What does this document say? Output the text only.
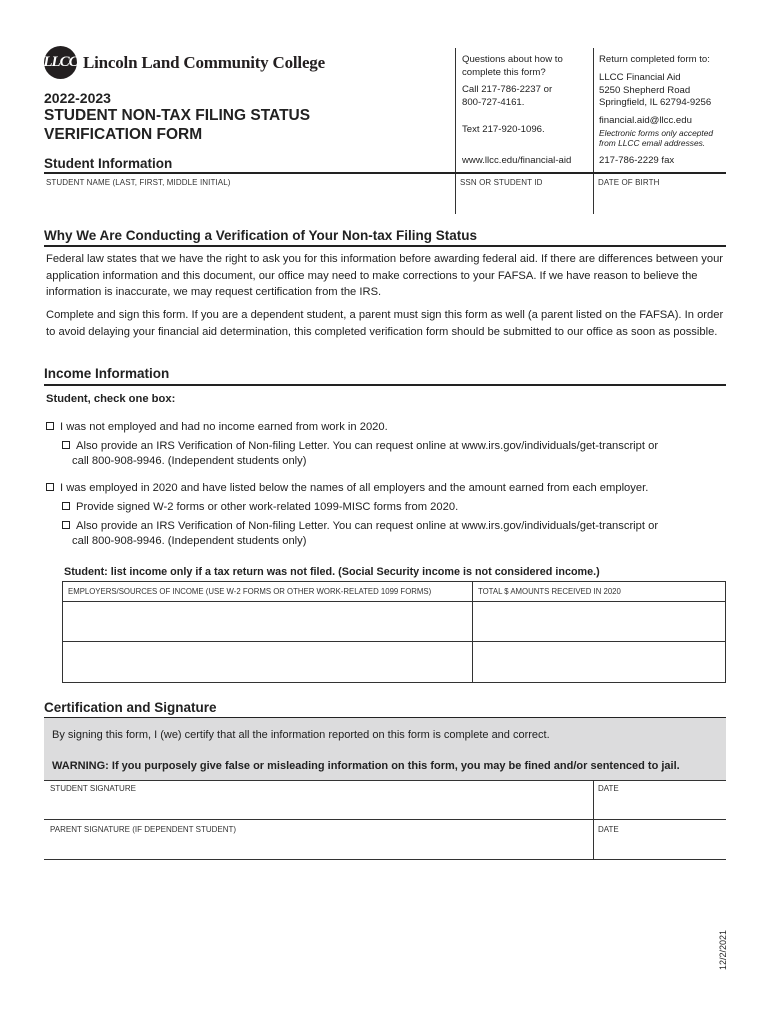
LLCC Lincoln Land Community College
2022-2023
STUDENT NON-TAX FILING STATUS
VERIFICATION FORM
Questions about how to
complete this form?
Call 217-786-2237 or
800-727-4161.
Text 217-920-1096.
www.llcc.edu/financial-aid
Return completed form to:
LLCC Financial Aid
5250 Shepherd Road
Springfield, IL 62794-9256
financial.aid@llcc.edu
Electronic forms only accepted
from LLCC email addresses.
217-786-2229 fax
Student Information
STUDENT NAME (LAST, FIRST, MIDDLE INITIAL)	SSN OR STUDENT ID	DATE OF BIRTH
Why We Are Conducting a Verification of Your Non-tax Filing Status
Federal law states that we have the right to ask you for this information before awarding federal aid. If there are differences between your application information and this document, our office may need to make corrections to your FAFSA. If we have reason to believe the information is inaccurate, we may request certification from the IRS.
Complete and sign this form. If you are a dependent student, a parent must sign this form as well (a parent listed on the FAFSA). In order to avoid delaying your financial aid determination, this completed verification form should be submitted to our office as soon as possible.
Income Information
Student, check one box:
I was not employed and had no income earned from work in 2020.
Also provide an IRS Verification of Non-filing Letter. You can request online at www.irs.gov/individuals/get-transcript or
call 800-908-9946. (Independent students only)
I was employed in 2020 and have listed below the names of all employers and the amount earned from each employer.
Provide signed W-2 forms or other work-related 1099-MISC forms from 2020.
Also provide an IRS Verification of Non-filing Letter. You can request online at www.irs.gov/individuals/get-transcript or
call 800-908-9946. (Independent students only)
Student: list income only if a tax return was not filed. (Social Security income is not considered income.)
EMPLOYERS/SOURCES OF INCOME (USE W-2 FORMS OR OTHER WORK-RELATED 1099 FORMS)	TOTAL $ AMOUNTS RECEIVED IN 2020

Certification and Signature
By signing this form, I (we) certify that all the information reported on this form is complete and correct.
WARNING: If you purposely give false or misleading information on this form, you may be fined and/or sentenced to jail.
STUDENT SIGNATURE	DATE
PARENT SIGNATURE (IF DEPENDENT STUDENT)	DATE
12/2/2021
